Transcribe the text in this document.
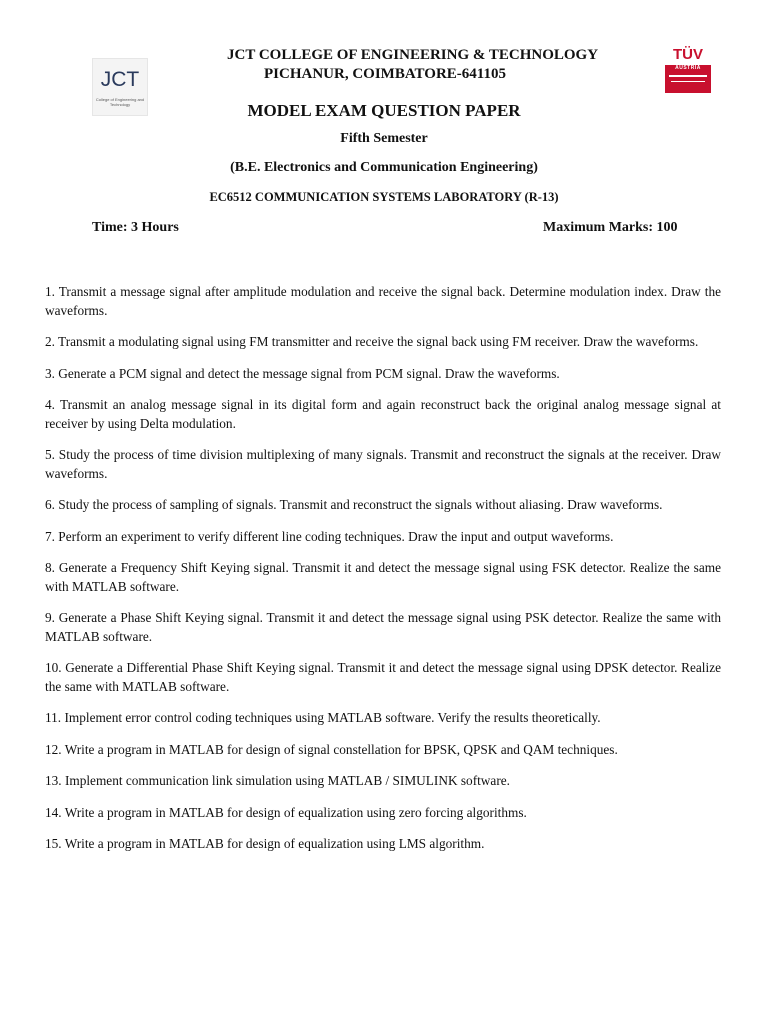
JCT
College of Engineering and Technology
TÜV
AUSTRIA
JCT COLLEGE OF ENGINEERING & TECHNOLOGY
PICHANUR, COIMBATORE-641105
MODEL EXAM QUESTION PAPER
Fifth Semester
(B.E. Electronics and Communication Engineering)
EC6512 COMMUNICATION SYSTEMS LABORATORY (R-13)
Time: 3 Hours	Maximum Marks: 100
1. Transmit a message signal after amplitude modulation and receive the signal back. Determine modulation index. Draw the waveforms.
2. Transmit a modulating signal using FM transmitter and receive the signal back using FM receiver. Draw the waveforms.
3. Generate a PCM signal and detect the message signal from PCM signal. Draw the waveforms.
4. Transmit an analog message signal in its digital form and again reconstruct back the original analog message signal at receiver by using Delta modulation.
5. Study the process of time division multiplexing of many signals. Transmit and reconstruct the signals at the receiver. Draw waveforms.
6. Study the process of sampling of signals. Transmit and reconstruct the signals without aliasing. Draw waveforms.
7. Perform an experiment to verify different line coding techniques. Draw the input and output waveforms.
8. Generate a Frequency Shift Keying signal. Transmit it and detect the message signal using FSK detector. Realize the same with MATLAB software.
9. Generate a Phase Shift Keying signal. Transmit it and detect the message signal using PSK detector. Realize the same with MATLAB software.
10. Generate a Differential Phase Shift Keying signal. Transmit it and detect the message signal using DPSK detector. Realize the same with MATLAB software.
11. Implement error control coding techniques using MATLAB software. Verify the results theoretically.
12. Write a program in MATLAB for design of signal constellation for BPSK, QPSK and QAM techniques.
13. Implement communication link simulation using MATLAB / SIMULINK software.
14. Write a program in MATLAB for design of equalization using zero forcing algorithms.
15. Write a program in MATLAB for design of equalization using LMS algorithm.
